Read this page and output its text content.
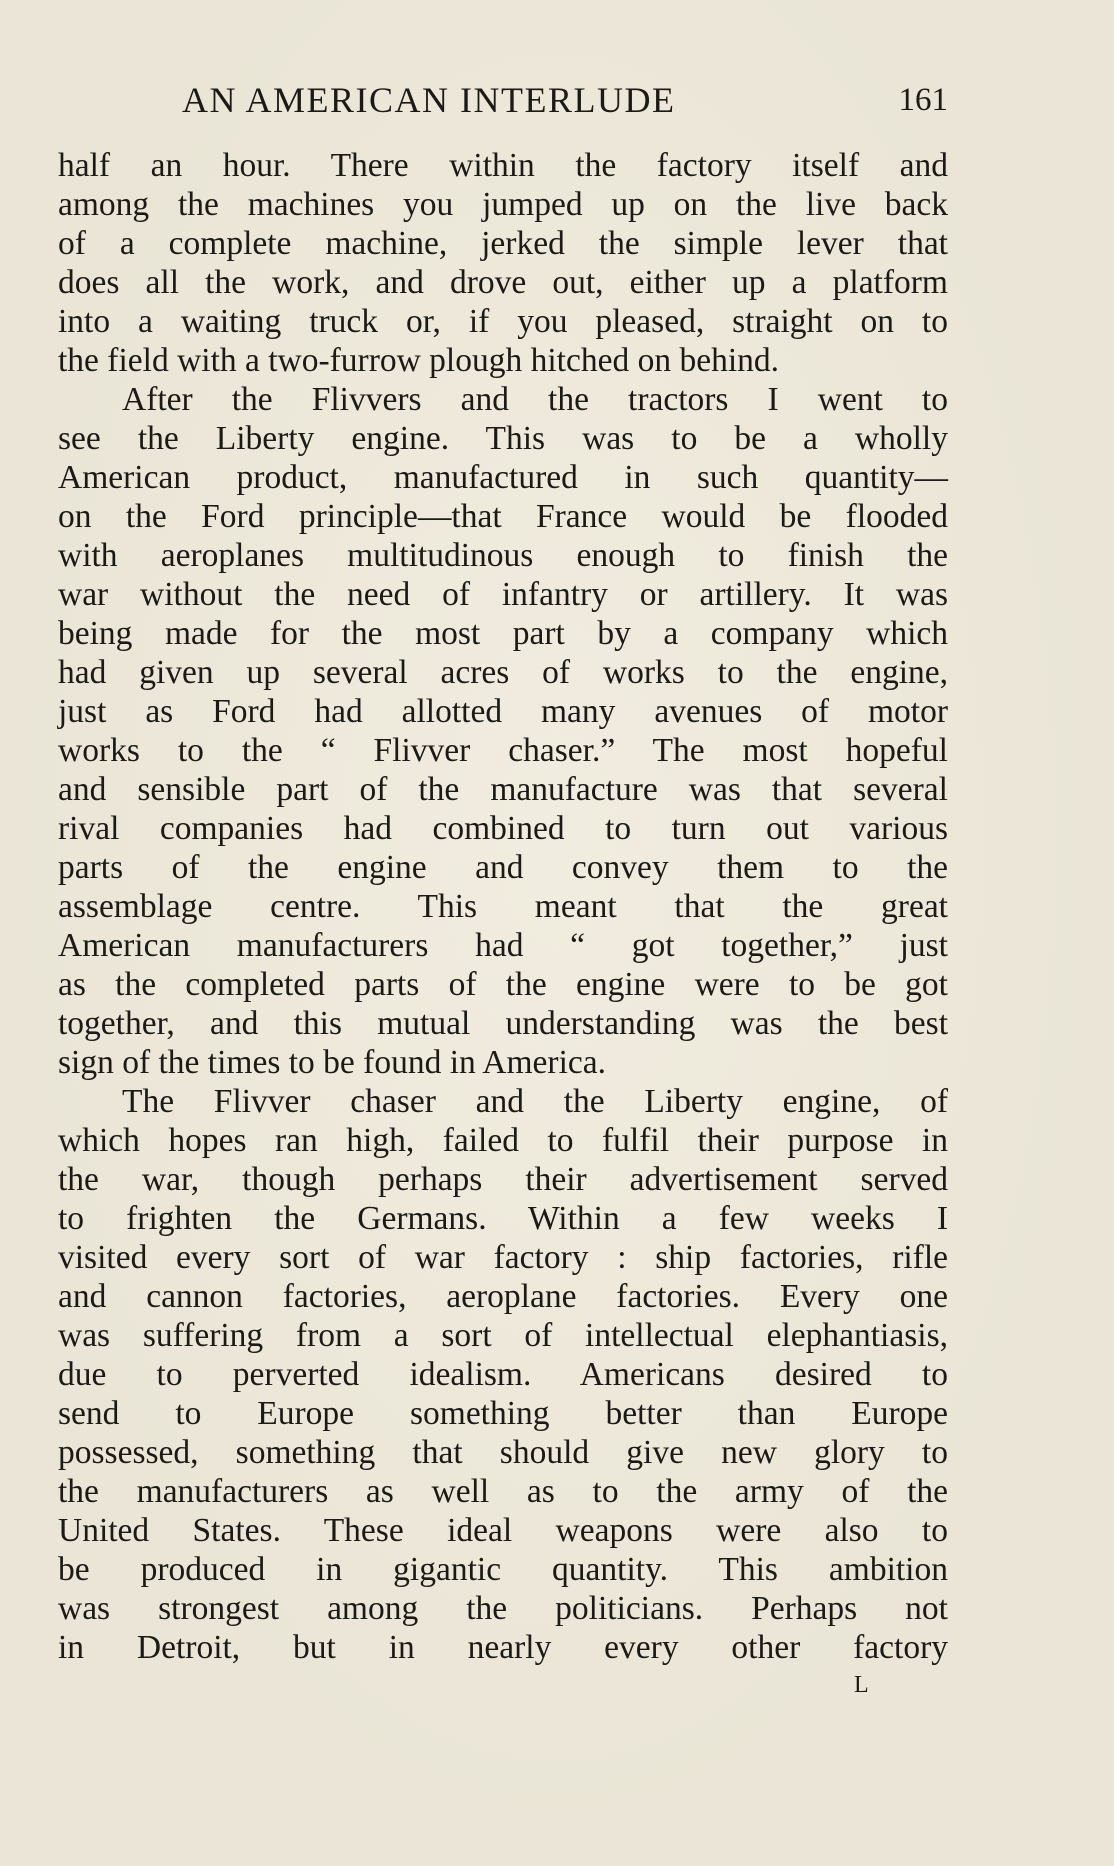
AN AMERICAN INTERLUDE	161
half an hour. There within the factory itself and
among the machines you jumped up on the live back
of a complete machine, jerked the simple lever that
does all the work, and drove out, either up a platform
into a waiting truck or, if you pleased, straight on to
the field with a two-furrow plough hitched on behind.
After the Flivvers and the tractors I went to
see the Liberty engine. This was to be a wholly
American product, manufactured in such quantity—
on the Ford principle—that France would be flooded
with aeroplanes multitudinous enough to finish the
war without the need of infantry or artillery. It was
being made for the most part by a company which
had given up several acres of works to the engine,
just as Ford had allotted many avenues of motor
works to the “ Flivver chaser.” The most hopeful
and sensible part of the manufacture was that several
rival companies had combined to turn out various
parts of the engine and convey them to the
assemblage centre. This meant that the great
American manufacturers had “ got together,” just
as the completed parts of the engine were to be got
together, and this mutual understanding was the best
sign of the times to be found in America.
The Flivver chaser and the Liberty engine, of
which hopes ran high, failed to fulfil their purpose in
the war, though perhaps their advertisement served
to frighten the Germans. Within a few weeks I
visited every sort of war factory : ship factories, rifle
and cannon factories, aeroplane factories. Every one
was suffering from a sort of intellectual elephantiasis,
due to perverted idealism. Americans desired to
send to Europe something better than Europe
possessed, something that should give new glory to
the manufacturers as well as to the army of the
United States. These ideal weapons were also to
be produced in gigantic quantity. This ambition
was strongest among the politicians. Perhaps not
in Detroit, but in nearly every other factory
L
